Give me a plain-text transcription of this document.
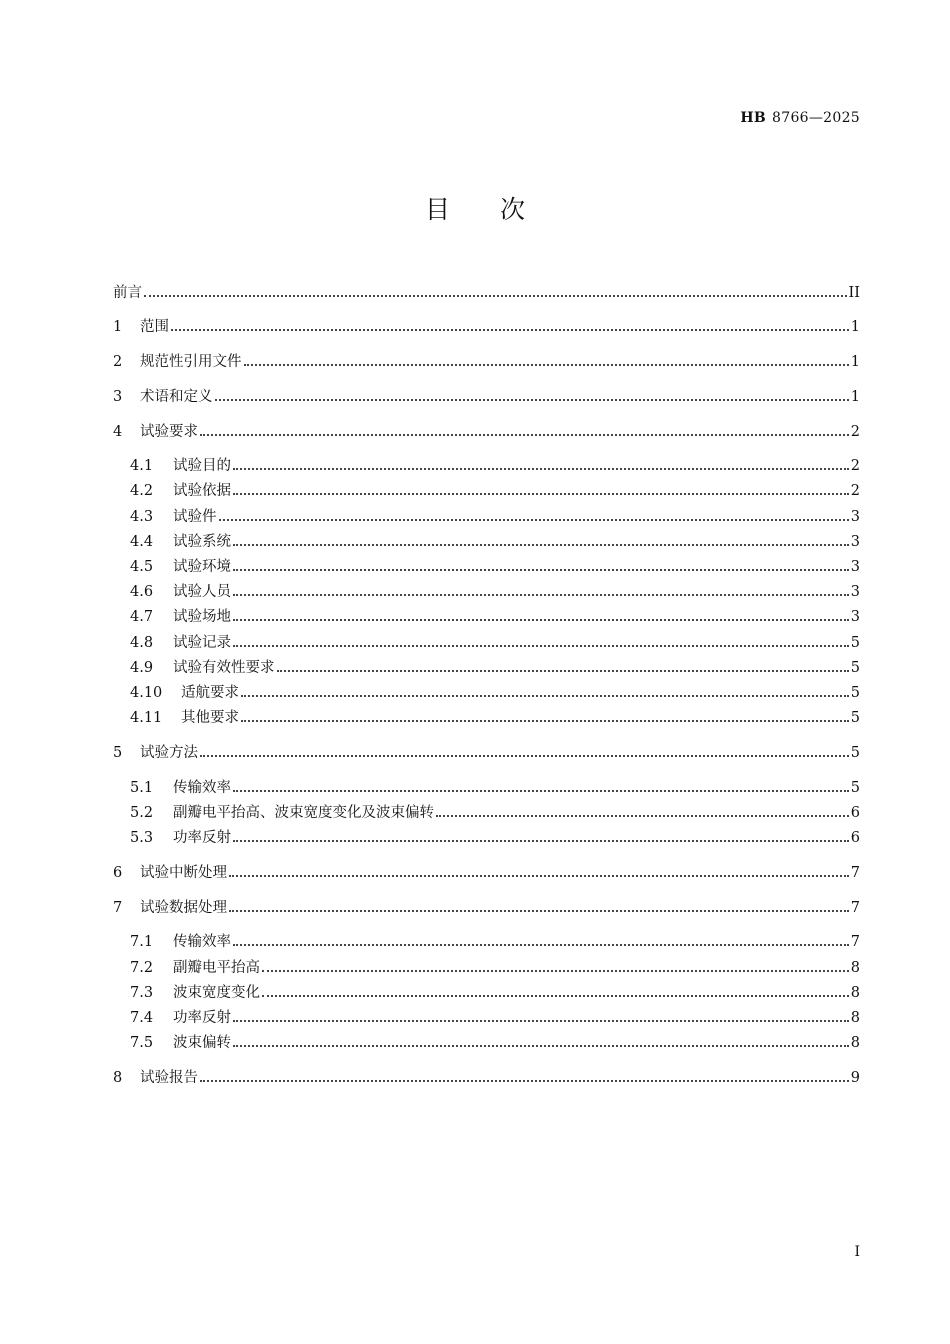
HB 8766—2025
目 次
前言	II
1	范围	1
2	规范性引用文件	1
3	术语和定义	1
4	试验要求	2
4.1	试验目的	2
4.2	试验依据	2
4.3	试验件	3
4.4	试验系统	3
4.5	试验环境	3
4.6	试验人员	3
4.7	试验场地	3
4.8	试验记录	5
4.9	试验有效性要求	5
4.10	适航要求	5
4.11	其他要求	5
5	试验方法	5
5.1	传输效率	5
5.2	副瓣电平抬高、波束宽度变化及波束偏转	6
5.3	功率反射	6
6	试验中断处理	7
7	试验数据处理	7
7.1	传输效率	7
7.2	副瓣电平抬高	8
7.3	波束宽度变化	8
7.4	功率反射	8
7.5	波束偏转	8
8	试验报告	9
I
